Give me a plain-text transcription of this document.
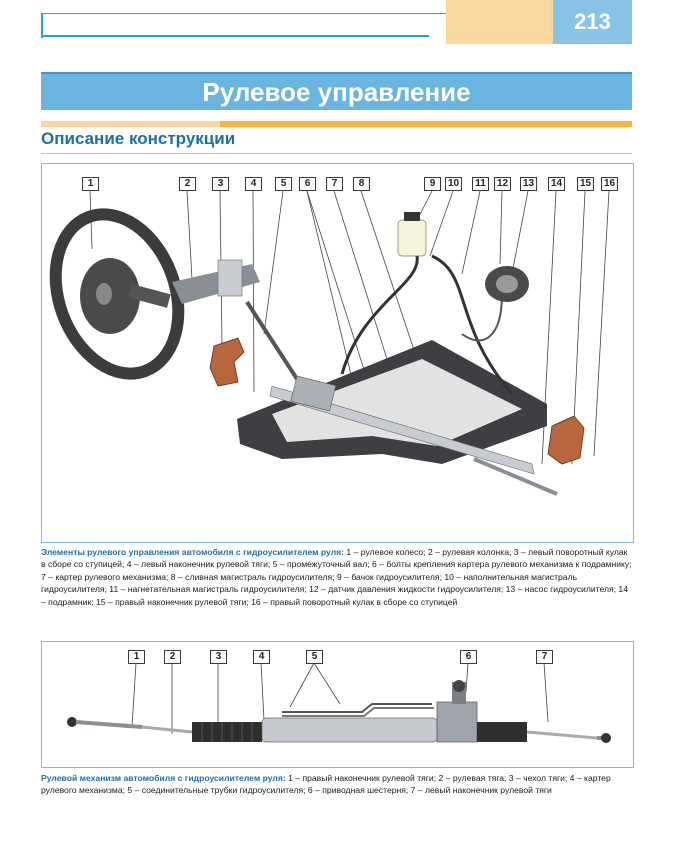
213
Рулевое управление
Описание конструкции
1	2	3	4	5	6	7	8	9	10	11	12 13 14 15 16
Элементы рулевого управления автомобиля с гидроусилителем руля: 1 – рулевое колесо; 2 – рулевая колонка; 3 – левый поворотный кулак в сборе со ступицей; 4 – левый наконечник рулевой тяги; 5 – промежуточный вал; 6 – болты крепления картера рулевого механизма к подрамнику; 7 – картер рулевого механизма; 8 – сливная магистраль гидроусилителя; 9 – бачок гидроусилителя; 10 – наполнительная магистраль гидроусилителя; 11 – нагнетательная магистраль гидроусилителя; 12 – датчик давления жидкости гидроусилителя; 13 – насос гидроусилителя; 14 – подрамник; 15 – правый наконечник рулевой тяги; 16 – правый поворотный кулак в сборе со ступицей
1	2	3	4	5	6	7
Рулевой механизм автомобиля с гидроусилителем руля: 1 – правый наконечник рулевой тяги; 2 – рулевая тяга; 3 – чехол тяги; 4 – картер рулевого механизма; 5 – соединительные трубки гидроусилителя; 6 – приводная шестерня; 7 – левый наконечник рулевой тяги
